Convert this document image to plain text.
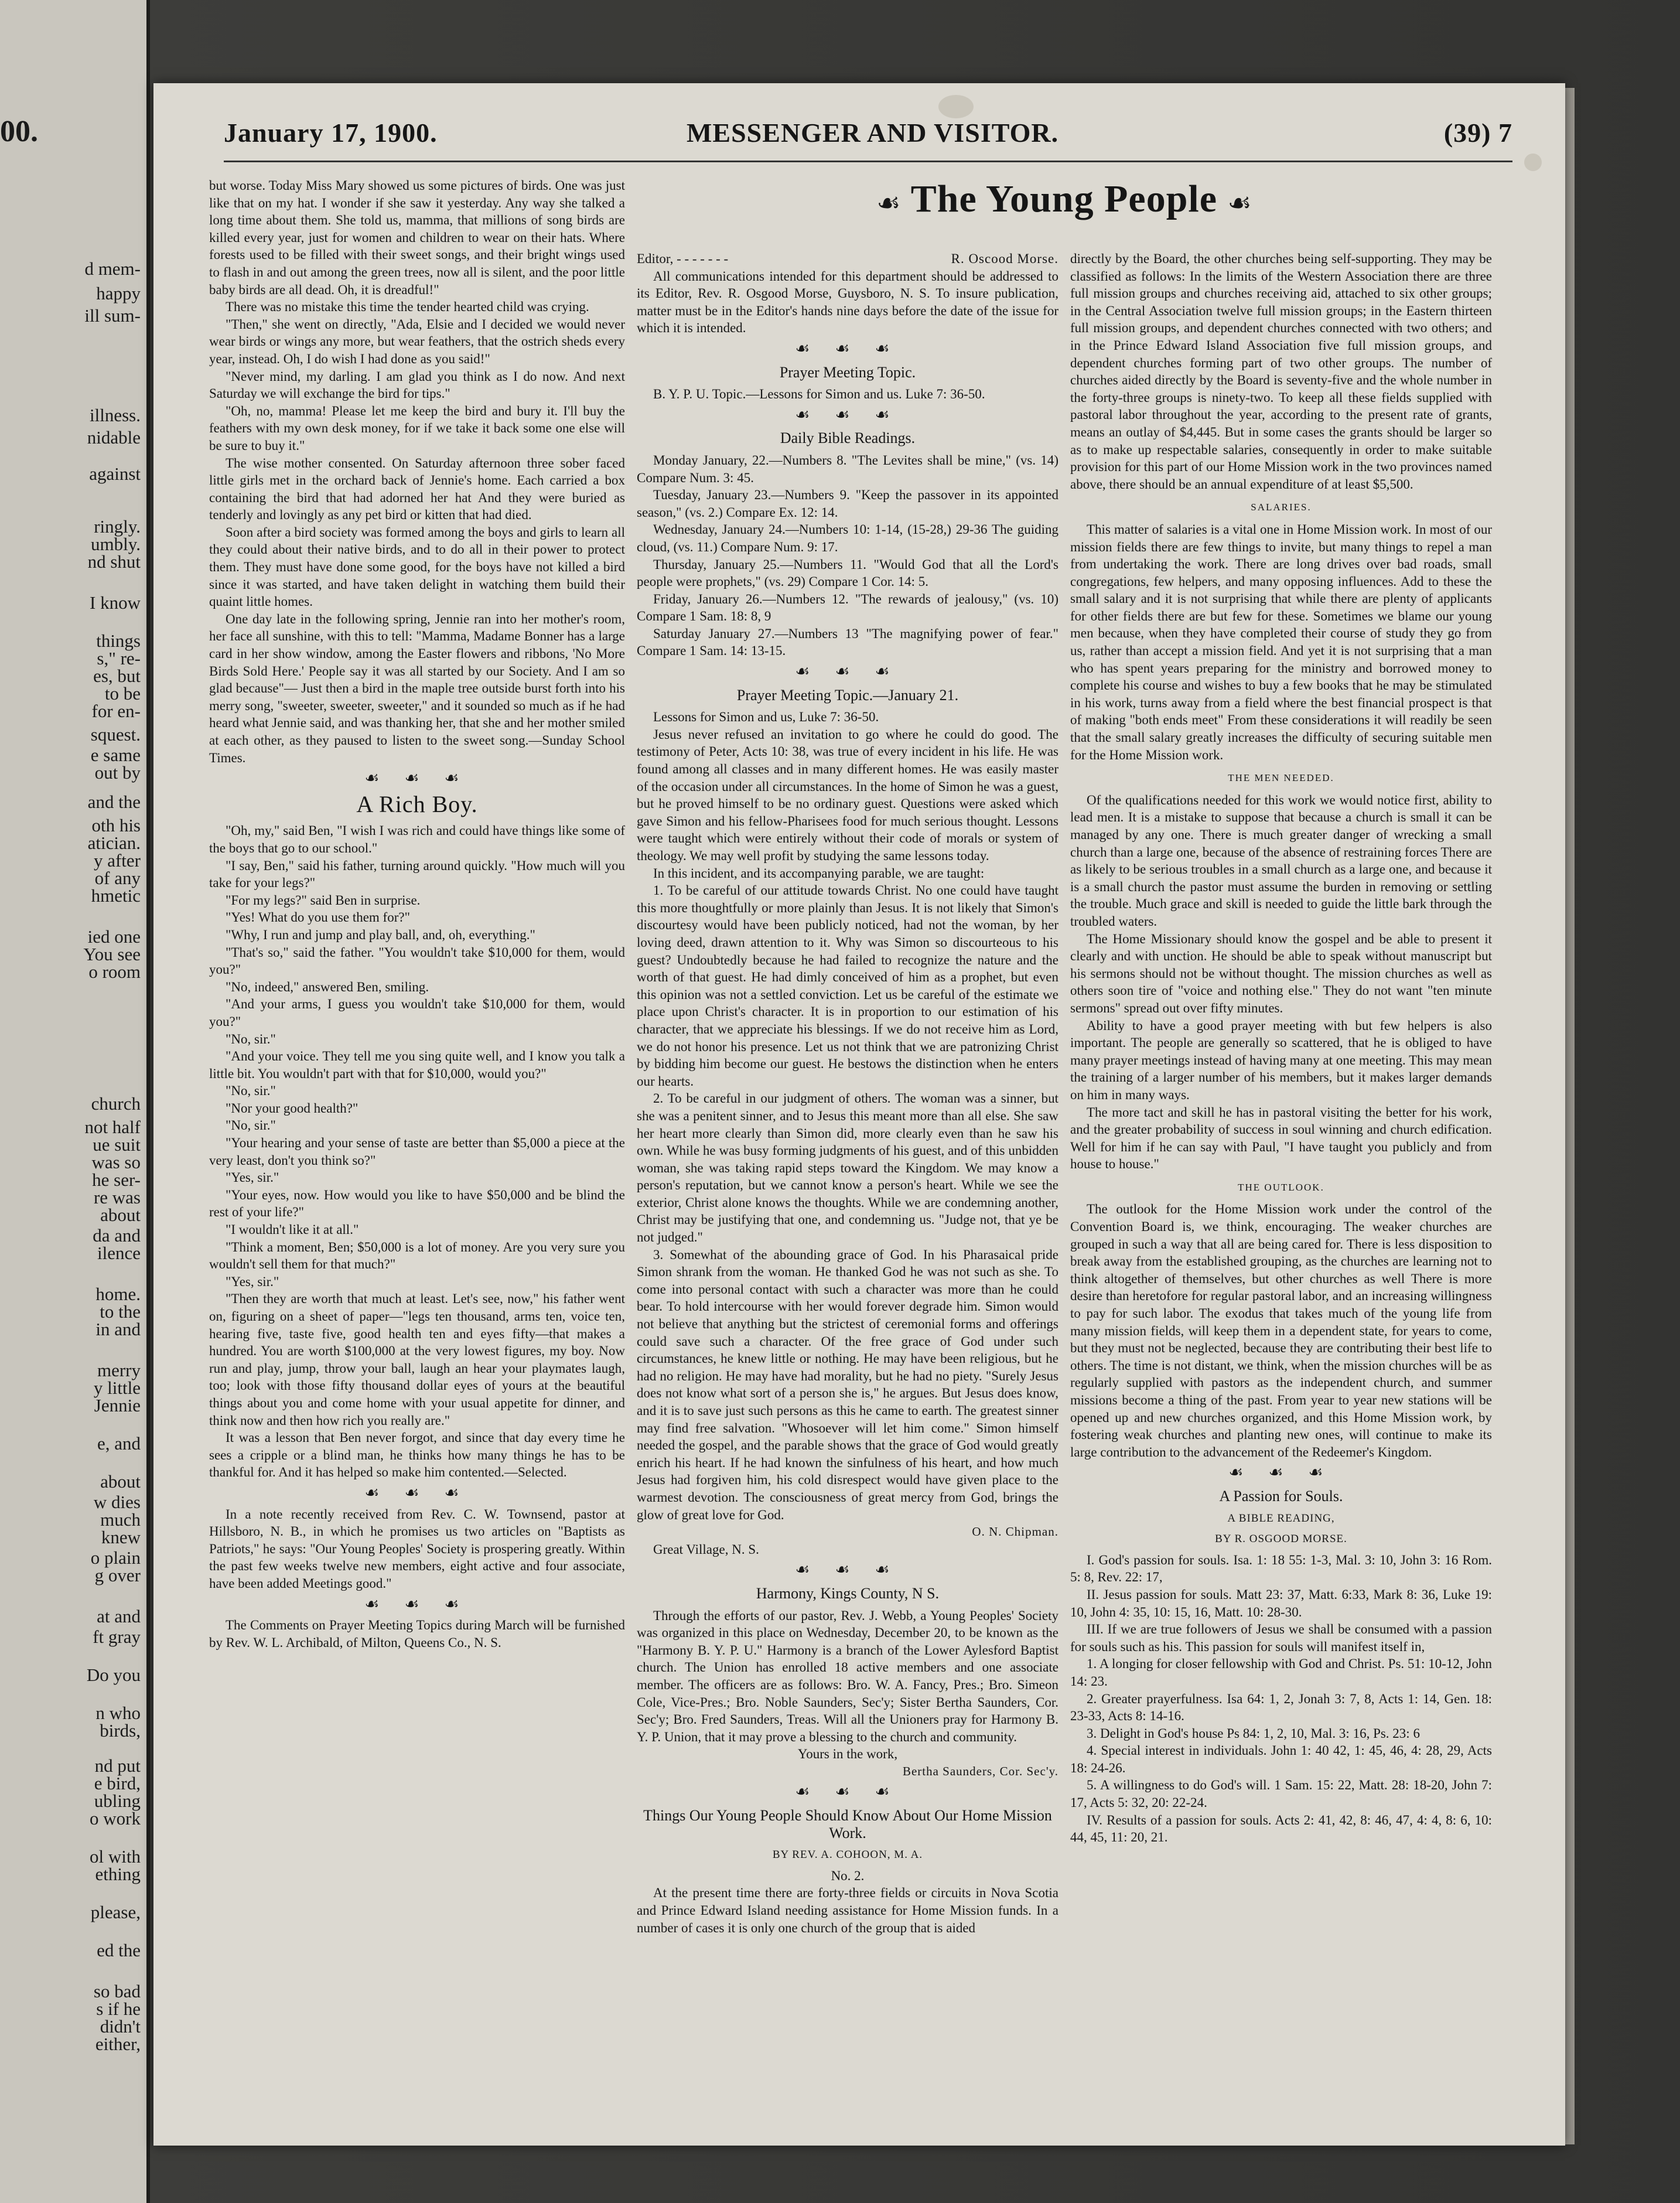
00.
d mem-
happy
ill sum-
illness.
nidable
against
ringly.
umbly.
nd shut
I know
things
s," re-
es, but
to be
for en-
squest.
e same
out by
and the
oth his
atician.
y after
of any
hmetic
ied one
You see
o room
church
not half
ue suit
was so
he ser-
re was
about
da and
ilence
home.
to the
in and
merry
y little
Jennie
e, and
about
w dies
much
knew
o plain
g over
at and
ft gray
Do you
n who
birds,
nd put
e bird,
ubling
o work
ol with
ething
please,
ed the
so bad
s if he
didn't
either,
January 17, 1900.	MESSENGER AND VISITOR.	(39) 7
☙ The Young People ☙

but worse. Today Miss Mary showed us some pictures of birds. One was just like that on my hat. I wonder if she saw it yesterday. Any way she talked a long time about them. She told us, mamma, that millions of song birds are killed every year, just for women and children to wear on their hats. Where forests used to be filled with their sweet songs, and their bright wings used to flash in and out among the green trees, now all is silent, and the poor little baby birds are all dead. Oh, it is dreadful!"

There was no mistake this time the tender hearted child was crying.

"Then," she went on directly, "Ada, Elsie and I decided we would never wear birds or wings any more, but wear feathers, that the ostrich sheds every year, instead. Oh, I do wish I had done as you said!"

"Never mind, my darling. I am glad you think as I do now. And next Saturday we will exchange the bird for tips."

"Oh, no, mamma! Please let me keep the bird and bury it. I'll buy the feathers with my own desk money, for if we take it back some one else will be sure to buy it."

The wise mother consented. On Saturday afternoon three sober faced little girls met in the orchard back of Jennie's home. Each carried a box containing the bird that had adorned her hat And they were buried as tenderly and lovingly as any pet bird or kitten that had died.

Soon after a bird society was formed among the boys and girls to learn all they could about their native birds, and to do all in their power to protect them. They must have done some good, for the boys have not killed a bird since it was started, and have taken delight in watching them build their quaint little homes.

One day late in the following spring, Jennie ran into her mother's room, her face all sunshine, with this to tell: "Mamma, Madame Bonner has a large card in her show window, among the Easter flowers and ribbons, 'No More Birds Sold Here.' People say it was all started by our Society. And I am so glad because"— Just then a bird in the maple tree outside burst forth into his merry song, "sweeter, sweeter, sweeter," and it sounded so much as if he had heard what Jennie said, and was thanking her, that she and her mother smiled at each other, as they paused to listen to the sweet song.—Sunday School Times.

☙ ☙ ☙
A Rich Boy.

"Oh, my," said Ben, "I wish I was rich and could have things like some of the boys that go to our school."

"I say, Ben," said his father, turning around quickly. "How much will you take for your legs?"

"For my legs?" said Ben in surprise.

"Yes! What do you use them for?"

"Why, I run and jump and play ball, and, oh, everything."

"That's so," said the father. "You wouldn't take $10,000 for them, would you?"

"No, indeed," answered Ben, smiling.

"And your arms, I guess you wouldn't take $10,000 for them, would you?"

"No, sir."

"And your voice. They tell me you sing quite well, and I know you talk a little bit. You wouldn't part with that for $10,000, would you?"

"No, sir."

"Nor your good health?"

"No, sir."

"Your hearing and your sense of taste are better than $5,000 a piece at the very least, don't you think so?"

"Yes, sir."

"Your eyes, now. How would you like to have $50,000 and be blind the rest of your life?"

"I wouldn't like it at all."

"Think a moment, Ben; $50,000 is a lot of money. Are you very sure you wouldn't sell them for that much?"

"Yes, sir."

"Then they are worth that much at least. Let's see, now," his father went on, figuring on a sheet of paper—"legs ten thousand, arms ten, voice ten, hearing five, taste five, good health ten and eyes fifty—that makes a hundred. You are worth $100,000 at the very lowest figures, my boy. Now run and play, jump, throw your ball, laugh an hear your playmates laugh, too; look with those fifty thousand dollar eyes of yours at the beautiful things about you and come home with your usual appetite for dinner, and think now and then how rich you really are."

It was a lesson that Ben never forgot, and since that day every time he sees a cripple or a blind man, he thinks how many things he has to be thankful for. And it has helped so make him contented.—Selected.

☙ ☙ ☙

In a note recently received from Rev. C. W. Townsend, pastor at Hillsboro, N. B., in which he promises us two articles on "Baptists as Patriots," he says: "Our Young Peoples' Society is prospering greatly. Within the past few weeks twelve new members, eight active and four associate, have been added Meetings good."

☙ ☙ ☙

The Comments on Prayer Meeting Topics during March will be furnished by Rev. W. L. Archibald, of Milton, Queens Co., N. S.

Editor, - - - - - - -	R. Oscood Morse.

All communications intended for this department should be addressed to its Editor, Rev. R. Osgood Morse, Guysboro, N. S. To insure publication, matter must be in the Editor's hands nine days before the date of the issue for which it is intended.

☙ ☙ ☙
Prayer Meeting Topic.

B. Y. P. U. Topic.—Lessons for Simon and us. Luke 7: 36-50.

☙ ☙ ☙
Daily Bible Readings.

Monday January, 22.—Numbers 8. "The Levites shall be mine," (vs. 14) Compare Num. 3: 45.

Tuesday, January 23.—Numbers 9. "Keep the passover in its appointed season," (vs. 2.) Compare Ex. 12: 14.

Wednesday, January 24.—Numbers 10: 1-14, (15-28,) 29-36 The guiding cloud, (vs. 11.) Compare Num. 9: 17.

Thursday, January 25.—Numbers 11. "Would God that all the Lord's people were prophets," (vs. 29) Compare 1 Cor. 14: 5.

Friday, January 26.—Numbers 12. "The rewards of jealousy," (vs. 10) Compare 1 Sam. 18: 8, 9

Saturday January 27.—Numbers 13 "The magnifying power of fear." Compare 1 Sam. 14: 13-15.

☙ ☙ ☙
Prayer Meeting Topic.—January 21.

Lessons for Simon and us, Luke 7: 36-50.

Jesus never refused an invitation to go where he could do good. The testimony of Peter, Acts 10: 38, was true of every incident in his life. He was found among all classes and in many different homes. He was easily master of the occasion under all circumstances. In the home of Simon he was a guest, but he proved himself to be no ordinary guest. Questions were asked which gave Simon and his fellow-Pharisees food for much serious thought. Lessons were taught which were entirely without their code of morals or system of theology. We may well profit by studying the same lessons today.

In this incident, and its accompanying parable, we are taught:

1. To be careful of our attitude towards Christ. No one could have taught this more thoughtfully or more plainly than Jesus. It is not likely that Simon's discourtesy would have been publicly noticed, had not the woman, by her loving deed, drawn attention to it. Why was Simon so discourteous to his guest? Undoubtedly because he had failed to recognize the nature and the worth of that guest. He had dimly conceived of him as a prophet, but even this opinion was not a settled conviction. Let us be careful of the estimate we place upon Christ's character. It is in proportion to our estimation of his character, that we appreciate his blessings. If we do not receive him as Lord, we do not honor his presence. Let us not think that we are patronizing Christ by bidding him become our guest. He bestows the distinction when he enters our hearts.

2. To be careful in our judgment of others. The woman was a sinner, but she was a penitent sinner, and to Jesus this meant more than all else. She saw her heart more clearly than Simon did, more clearly even than he saw his own. While he was busy forming judgments of his guest, and of this unbidden woman, she was taking rapid steps toward the Kingdom. We may know a person's reputation, but we cannot know a person's heart. While we see the exterior, Christ alone knows the thoughts. While we are condemning another, Christ may be justifying that one, and condemning us. "Judge not, that ye be not judged."

3. Somewhat of the abounding grace of God. In his Pharasaical pride Simon shrank from the woman. He thanked God he was not such as she. To come into personal contact with such a character was more than he could bear. To hold intercourse with her would forever degrade him. Simon would not believe that anything but the strictest of ceremonial forms and offerings could save such a character. Of the free grace of God under such circumstances, he knew little or nothing. He may have been religious, but he had no religion. He may have had morality, but he had no piety. "Surely Jesus does not know what sort of a person she is," he argues. But Jesus does know, and it is to save just such persons as this he came to earth. The greatest sinner may find free salvation. "Whosoever will let him come." Simon himself needed the gospel, and the parable shows that the grace of God would greatly enrich his heart. If he had known the sinfulness of his heart, and how much Jesus had forgiven him, his cold disrespect would have given place to the warmest devotion. The consciousness of great mercy from God, brings the glow of great love for God.

O. N. Chipman.

Great Village, N. S.

☙ ☙ ☙
Harmony, Kings County, N S.

Through the efforts of our pastor, Rev. J. Webb, a Young Peoples' Society was organized in this place on Wednesday, December 20, to be known as the "Harmony B. Y. P. U." Harmony is a branch of the Lower Aylesford Baptist church. The Union has enrolled 18 active members and one associate member. The officers are as follows: Bro. W. A. Fancy, Pres.; Bro. Simeon Cole, Vice-Pres.; Bro. Noble Saunders, Sec'y; Sister Bertha Saunders, Cor. Sec'y; Bro. Fred Saunders, Treas. Will all the Unioners pray for Harmony B. Y. P. Union, that it may prove a blessing to the church and community.

Yours in the work,
Bertha Saunders, Cor. Sec'y.
☙ ☙ ☙
Things Our Young People Should Know About Our Home Mission Work.
BY REV. A. COHOON, M. A.
No. 2.

At the present time there are forty-three fields or circuits in Nova Scotia and Prince Edward Island needing assistance for Home Mission funds. In a number of cases it is only one church of the group that is aided

directly by the Board, the other churches being self-supporting. They may be classified as follows: In the limits of the Western Association there are three full mission groups and churches receiving aid, attached to six other groups; in the Central Association twelve full mission groups; in the Eastern thirteen full mission groups, and dependent churches connected with two others; and in the Prince Edward Island Association five full mission groups, and dependent churches forming part of two other groups. The number of churches aided directly by the Board is seventy-five and the whole number in the forty-three groups is ninety-two. To keep all these fields supplied with pastoral labor throughout the year, according to the present rate of grants, means an outlay of $4,445. But in some cases the grants should be larger so as to make up respectable salaries, consequently in order to make suitable provision for this part of our Home Mission work in the two provinces named above, there should be an annual expenditure of at least $5,500.

SALARIES.

This matter of salaries is a vital one in Home Mission work. In most of our mission fields there are few things to invite, but many things to repel a man from undertaking the work. There are long drives over bad roads, small congregations, few helpers, and many opposing influences. Add to these the small salary and it is not surprising that while there are plenty of applicants for other fields there are but few for these. Sometimes we blame our young men because, when they have completed their course of study they go from us, rather than accept a mission field. And yet it is not surprising that a man who has spent years preparing for the ministry and borrowed money to complete his course and wishes to buy a few books that he may be stimulated in his work, turns away from a field where the best financial prospect is that of making "both ends meet" From these considerations it will readily be seen that the small salary greatly increases the difficulty of securing suitable men for the Home Mission work.

THE MEN NEEDED.

Of the qualifications needed for this work we would notice first, ability to lead men. It is a mistake to suppose that because a church is small it can be managed by any one. There is much greater danger of wrecking a small church than a large one, because of the absence of restraining forces There are as likely to be serious troubles in a small church as a large one, and because it is a small church the pastor must assume the burden in removing or settling the trouble. Much grace and skill is needed to guide the little bark through the troubled waters.

The Home Missionary should know the gospel and be able to present it clearly and with unction. He should be able to speak without manuscript but his sermons should not be without thought. The mission churches as well as others soon tire of "voice and nothing else." They do not want "ten minute sermons" spread out over fifty minutes.

Ability to have a good prayer meeting with but few helpers is also important. The people are generally so scattered, that he is obliged to have many prayer meetings instead of having many at one meeting. This may mean the training of a larger number of his members, but it makes larger demands on him in many ways.

The more tact and skill he has in pastoral visiting the better for his work, and the greater probability of success in soul winning and church edification. Well for him if he can say with Paul, "I have taught you publicly and from house to house."

THE OUTLOOK.

The outlook for the Home Mission work under the control of the Convention Board is, we think, encouraging. The weaker churches are grouped in such a way that all are being cared for. There is less disposition to break away from the established grouping, as the churches are learning not to think altogether of themselves, but other churches as well There is more desire than heretofore for regular pastoral labor, and an increasing willingness to pay for such labor. The exodus that takes much of the young life from many mission fields, will keep them in a dependent state, for years to come, but they must not be neglected, because they are contributing their best life to others. The time is not distant, we think, when the mission churches will be as regularly supplied with pastors as the independent church, and summer missions become a thing of the past. From year to year new stations will be opened up and new churches organized, and this Home Mission work, by fostering weak churches and planting new ones, will continue to make its large contribution to the advancement of the Redeemer's Kingdom.

☙ ☙ ☙
A Passion for Souls.
A BIBLE READING,
BY R. OSGOOD MORSE.

I. God's passion for souls. Isa. 1: 18 55: 1-3, Mal. 3: 10, John 3: 16 Rom. 5: 8, Rev. 22: 17,

II. Jesus passion for souls. Matt 23: 37, Matt. 6:33, Mark 8: 36, Luke 19: 10, John 4: 35, 10: 15, 16, Matt. 10: 28-30.

III. If we are true followers of Jesus we shall be consumed with a passion for souls such as his. This passion for souls will manifest itself in,

1. A longing for closer fellowship with God and Christ. Ps. 51: 10-12, John 14: 23.

2. Greater prayerfulness. Isa 64: 1, 2, Jonah 3: 7, 8, Acts 1: 14, Gen. 18: 23-33, Acts 8: 14-16.

3. Delight in God's house Ps 84: 1, 2, 10, Mal. 3: 16, Ps. 23: 6

4. Special interest in individuals. John 1: 40 42, 1: 45, 46, 4: 28, 29, Acts 18: 24-26.

5. A willingness to do God's will. 1 Sam. 15: 22, Matt. 28: 18-20, John 7: 17, Acts 5: 32, 20: 22-24.

IV. Results of a passion for souls. Acts 2: 41, 42, 8: 46, 47, 4: 4, 8: 6, 10: 44, 45, 11: 20, 21.
